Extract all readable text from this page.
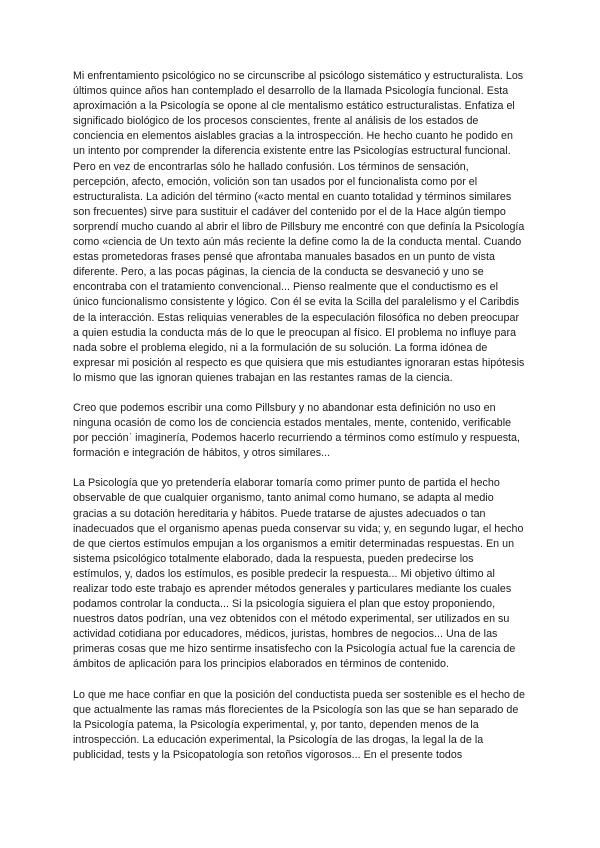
Mi enfrentamiento psicológico no se circunscribe al psicólogo sistemático y estructuralista. Los últimos quince años han contemplado el desarrollo de la llamada Psicología funcional. Esta aproximación a la Psicología se opone al cle mentalismo estático estructuralistas. Enfatiza el significado biológico de los procesos conscientes, frente al análisis de los estados de conciencia en elementos aislables gracias a la introspección. He hecho cuanto he podido en un intento por comprender la diferencia existente entre las Psicologías estructural funcional. Pero en vez de encontrarlas sólo he hallado confusión. Los términos de sensación, percepción, afecto, emoción, volición son tan usados por el funcionalista como por el estructuralista. La adición del término («acto mental en cuanto totalidad y términos similares son frecuentes) sirve para sustituir el cadáver del contenido por el de la Hace algún tiempo sorprendí mucho cuando al abrir el libro de Pillsbury me encontré con que definía la Psicología como «ciencia de Un texto aún más reciente la define como la de la conducta mental. Cuando estas prometedoras frases pensé que afrontaba manuales basados en un punto de vista diferente. Pero, a las pocas páginas, la ciencia de la conducta se desvaneció y uno se encontraba con el tratamiento convencional... Pienso realmente que el conductismo es el único funcionalismo consistente y lógico. Con él se evita la Scilla del paralelismo y el Caribdis de la interacción. Estas reliquias venerables de la especulación filosófica no deben preocupar a quien estudia la conducta más de lo que le preocupan al físico. El problema no influye para nada sobre el problema elegido, ni a la formulación de su solución. La forma idónea de expresar mi posición al respecto es que quisiera que mis estudiantes ignoraran estas hipótesis lo mismo que las ignoran quienes trabajan en las restantes ramas de la ciencia.

Creo que podemos escribir una como Pillsbury y no abandonar esta definición no uso en ninguna ocasión de como los de conciencia estados mentales, mente, contenido, verificable por pecciónˈ imaginería, Podemos hacerlo recurriendo a términos como estímulo y respuesta, formación e integración de hábitos, y otros similares...

La Psicología que yo pretendería elaborar tomaría como primer punto de partida el hecho observable de que cualquier organismo, tanto animal como humano, se adapta al medio gracias a su dotación hereditaria y hábitos. Puede tratarse de ajustes adecuados o tan inadecuados que el organismo apenas pueda conservar su vida; y, en segundo lugar, el hecho de que ciertos estímulos empujan a los organismos a emitir determinadas respuestas. En un sistema psicológico totalmente elaborado, dada la respuesta, pueden predecirse los estímulos, y, dados los estímulos, es posible predecir la respuesta... Mi objetivo último al realizar todo este trabajo es aprender métodos generales y particulares mediante los cuales podamos controlar la conducta... Si la psicología siguiera el plan que estoy proponiendo, nuestros datos podrían, una vez obtenidos con el método experimental, ser utilizados en su actividad cotidiana por educadores, médicos, juristas, hombres de negocios... Una de las primeras cosas que me hizo sentirme insatisfecho con la Psicología actual fue la carencia de ámbitos de aplicación para los principios elaborados en términos de contenido.

Lo que me hace confiar en que la posición del conductista pueda ser sostenible es el hecho de que actualmente las ramas más florecientes de la Psicología son las que se han separado de la Psicología patema, la Psicología experimental, y, por tanto, dependen menos de la introspección. La educación experimental, la Psicología de las drogas, la legal la de la publicidad, tests y la Psicopatología son retoños vigorosos... En el presente todos
